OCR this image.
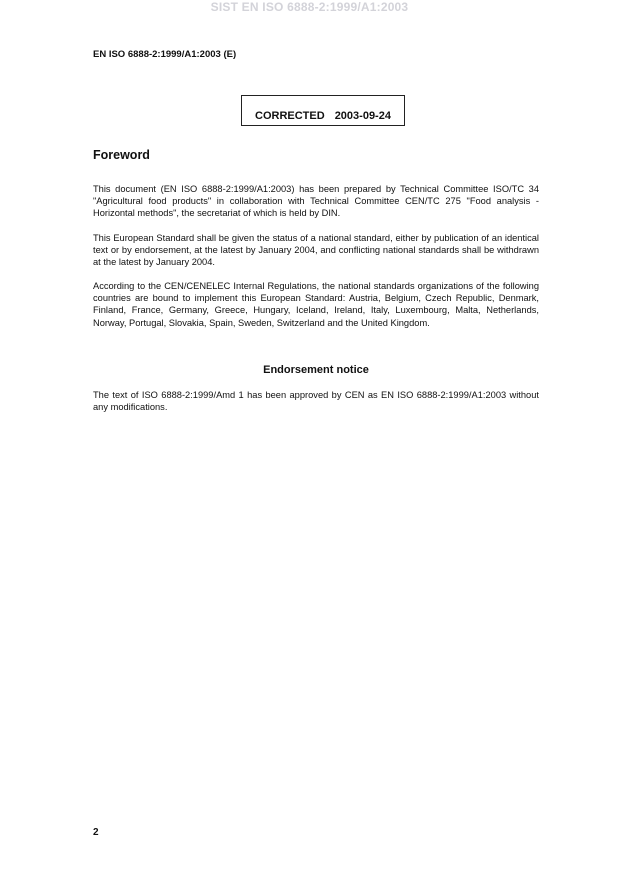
SIST EN ISO 6888-2:1999/A1:2003
EN ISO 6888-2:1999/A1:2003 (E)
CORRECTED 2003-09-24
Foreword
This document (EN ISO 6888-2:1999/A1:2003) has been prepared by Technical Committee ISO/TC 34 "Agricultural food products" in collaboration with Technical Committee CEN/TC 275 "Food analysis - Horizontal methods", the secretariat of which is held by DIN.
This European Standard shall be given the status of a national standard, either by publication of an identical text or by endorsement, at the latest by January 2004, and conflicting national standards shall be withdrawn at the latest by January 2004.
According to the CEN/CENELEC Internal Regulations, the national standards organizations of the following countries are bound to implement this European Standard: Austria, Belgium, Czech Republic, Denmark, Finland, France, Germany, Greece, Hungary, Iceland, Ireland, Italy, Luxembourg, Malta, Netherlands, Norway, Portugal, Slovakia, Spain, Sweden, Switzerland and the United Kingdom.
Endorsement notice
The text of ISO 6888-2:1999/Amd 1 has been approved by CEN as EN ISO 6888-2:1999/A1:2003 without any modifications.
2
